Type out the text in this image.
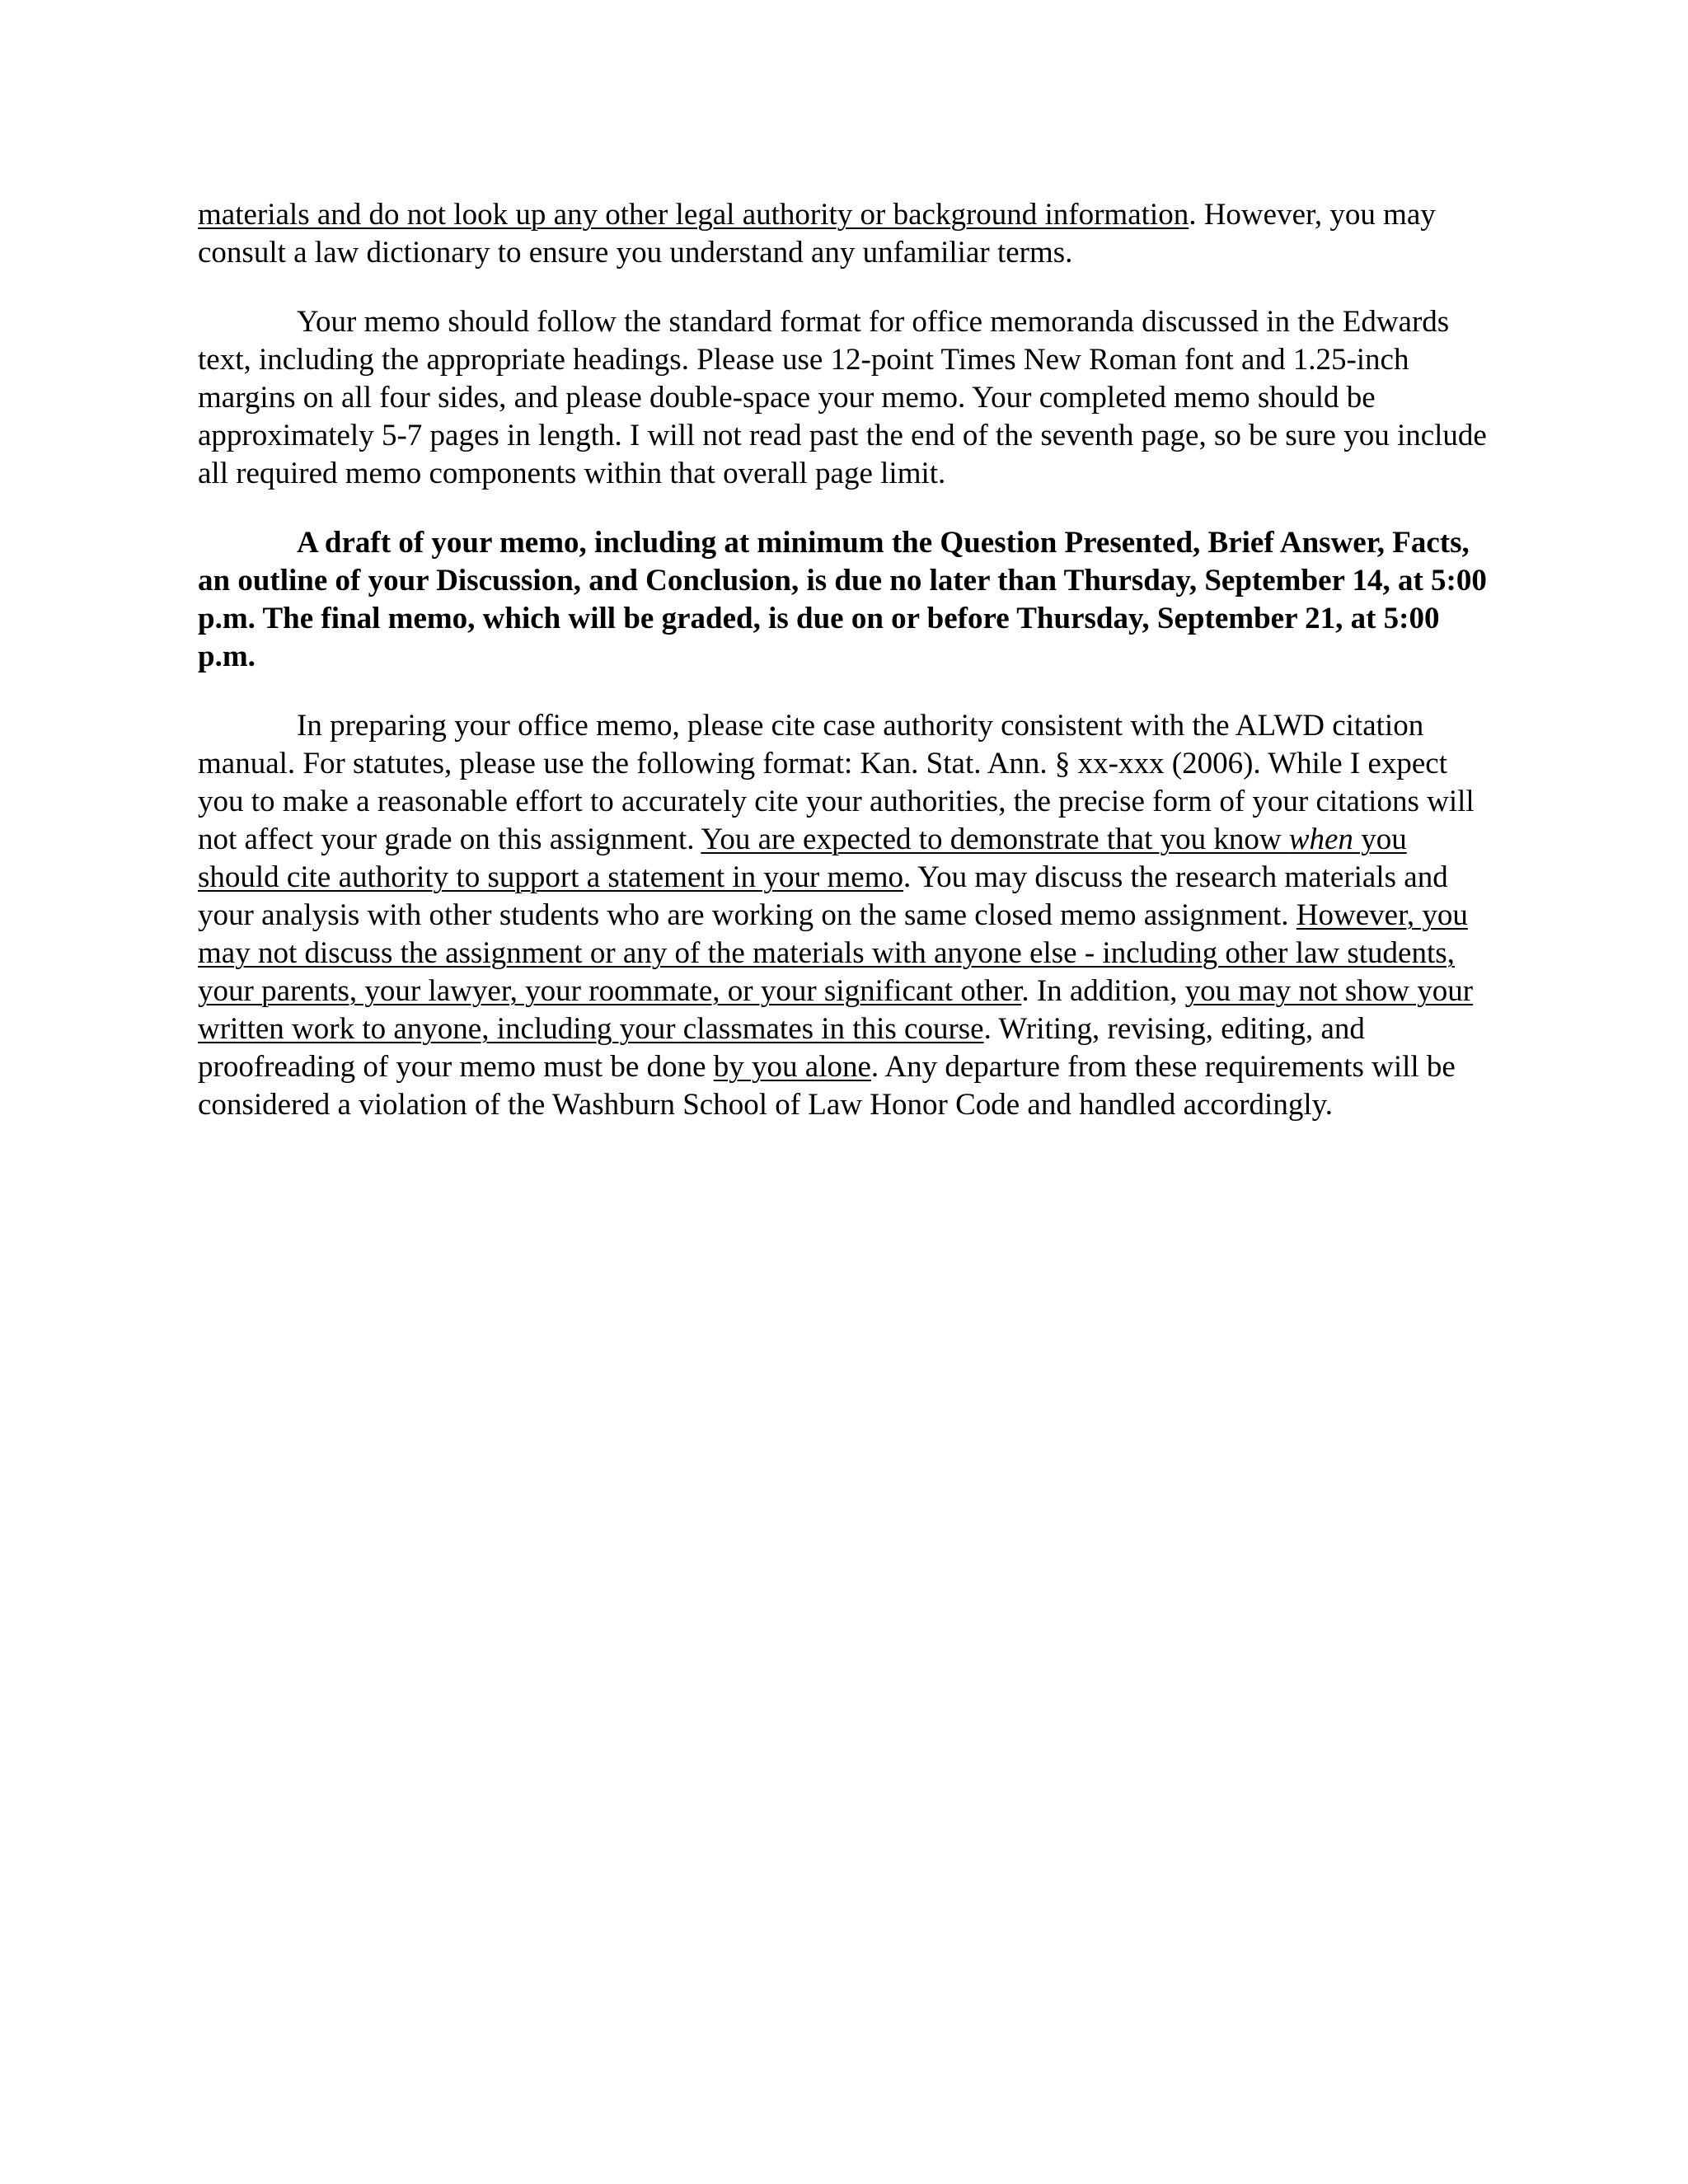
materials and do not look up any other legal authority or background information. However, you may consult a law dictionary to ensure you understand any unfamiliar terms.

Your memo should follow the standard format for office memoranda discussed in the Edwards text, including the appropriate headings. Please use 12-point Times New Roman font and 1.25-inch margins on all four sides, and please double-space your memo. Your completed memo should be approximately 5-7 pages in length. I will not read past the end of the seventh page, so be sure you include all required memo components within that overall page limit.

A draft of your memo, including at minimum the Question Presented, Brief Answer, Facts, an outline of your Discussion, and Conclusion, is due no later than Thursday, September 14, at 5:00 p.m. The final memo, which will be graded, is due on or before Thursday, September 21, at 5:00 p.m.

In preparing your office memo, please cite case authority consistent with the ALWD citation manual. For statutes, please use the following format: Kan. Stat. Ann. § xx-xxx (2006). While I expect you to make a reasonable effort to accurately cite your authorities, the precise form of your citations will not affect your grade on this assignment. You are expected to demonstrate that you know when you should cite authority to support a statement in your memo. You may discuss the research materials and your analysis with other students who are working on the same closed memo assignment. However, you may not discuss the assignment or any of the materials with anyone else - including other law students, your parents, your lawyer, your roommate, or your significant other. In addition, you may not show your written work to anyone, including your classmates in this course. Writing, revising, editing, and proofreading of your memo must be done by you alone. Any departure from these requirements will be considered a violation of the Washburn School of Law Honor Code and handled accordingly.
